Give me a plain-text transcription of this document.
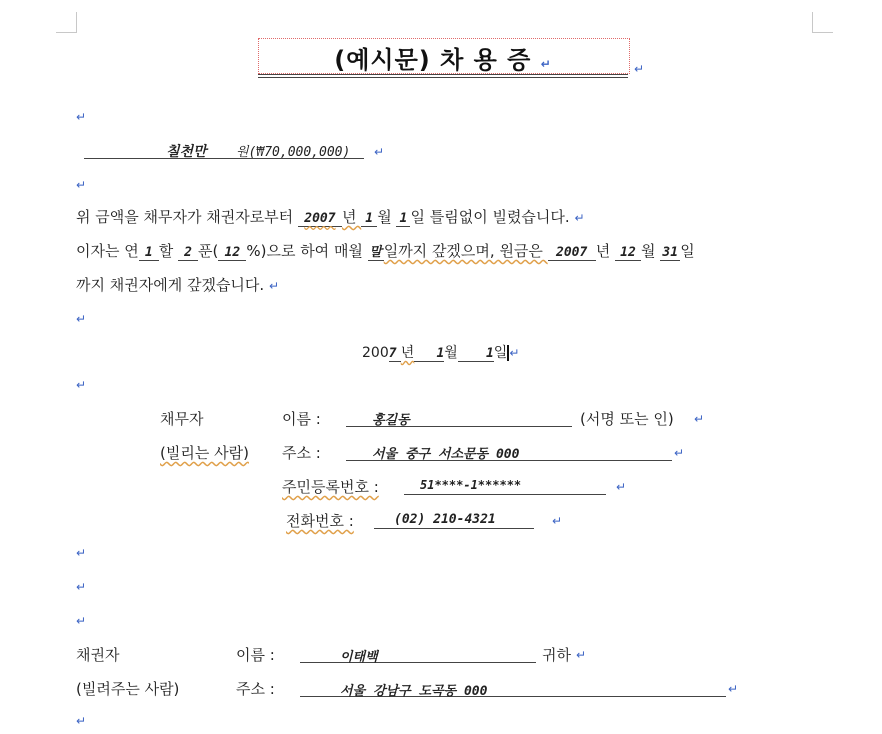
(예시문) 차 용 증 ↵	↵
↵
칠천만 원(₩70,000,000) ↵
↵
위 금액을 채무자가 채권자로부터 2007 년 1 월 1 일 틀림없이 빌렸습니다. ↵
이자는 연 1 할 2 푼( 12 %)으로 하여 매월 말 일까지 갚겠으며, 원금은 2007 년 12 월 31 일
까지 채권자에게 갚겠습니다. ↵
↵
2007 년 1월 1일 ↵
↵
채무자	이름 :	홍길동	(서명 또는 인) ↵
(빌리는 사람) 주소 :	서울 중구 서소문동 000	↵
주민등록번호 :	51****-1******	↵
전화번호 :	(02) 210-4321	↵
↵
↵
↵
채권자	이름 :	이태백	귀하 ↵
(빌려주는 사람)	주소 :	서울 강남구 도곡동 000	↵
↵
